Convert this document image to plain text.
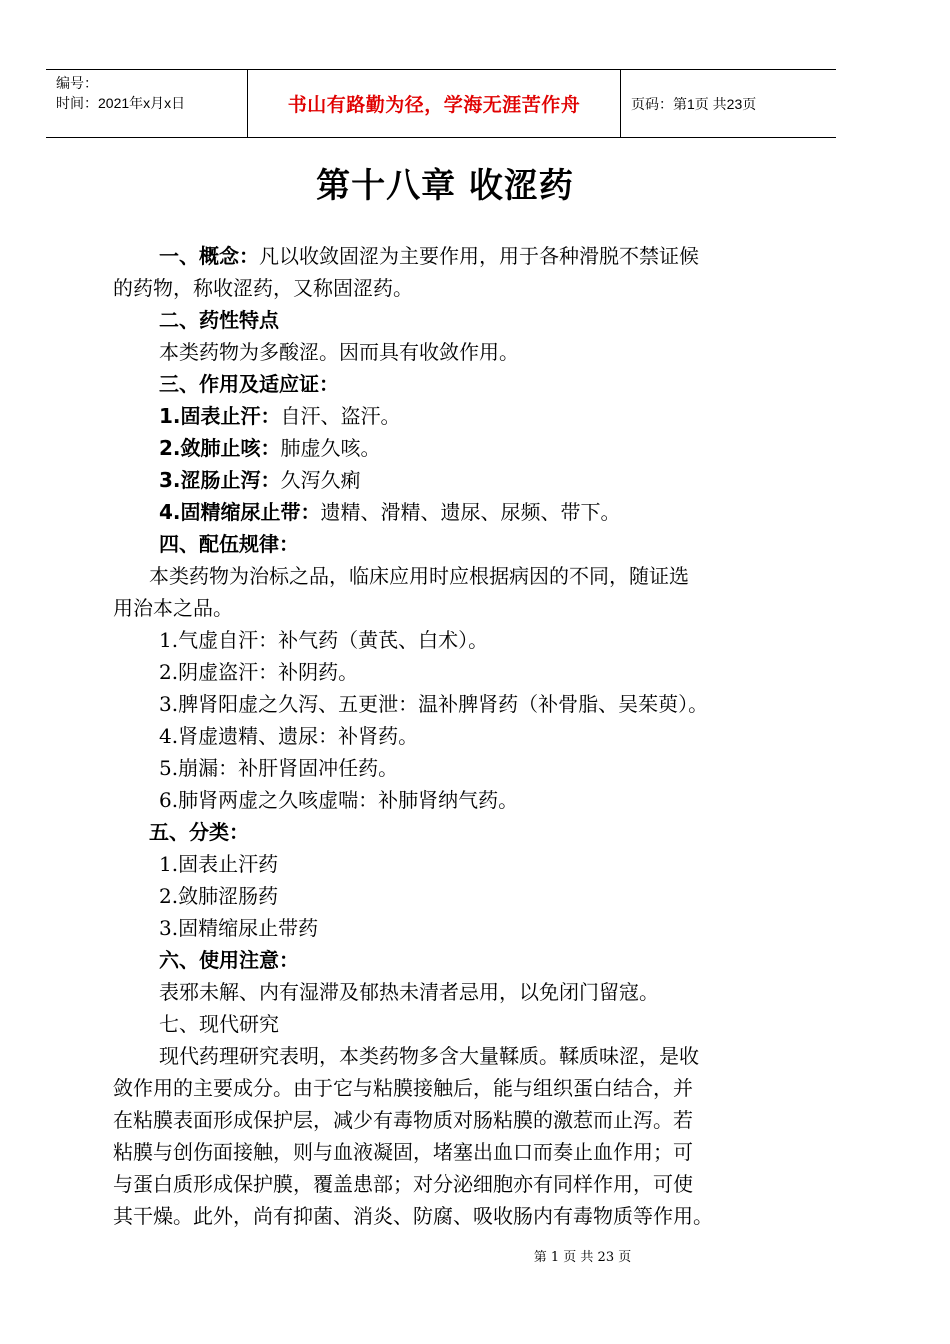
编号：
时间：2021年x月x日	书山有路勤为径，学海无涯苦作舟	页码：第1页 共23页
第十八章 收涩药

一、概念：凡以收敛固涩为主要作用，用于各种滑脱不禁证候

的药物，称收涩药，又称固涩药。

二、药性特点

本类药物为多酸涩。因而具有收敛作用。

三、作用及适应证：

1.固表止汗：自汗、盗汗。

2.敛肺止咳：肺虚久咳。

3.涩肠止泻：久泻久痢

4.固精缩尿止带：遗精、滑精、遗尿、尿频、带下。

四、配伍规律：

本类药物为治标之品，临床应用时应根据病因的不同，随证选

用治本之品。

1.气虚自汗：补气药（黄芪、白术）。

2.阴虚盗汗：补阴药。

3.脾肾阳虚之久泻、五更泄：温补脾肾药（补骨脂、吴茱萸）。

4.肾虚遗精、遗尿：补肾药。

5.崩漏：补肝肾固冲任药。

6.肺肾两虚之久咳虚喘：补肺肾纳气药。

五、分类：

1.固表止汗药

2.敛肺涩肠药

3.固精缩尿止带药

六、使用注意：

表邪未解、内有湿滞及郁热未清者忌用，以免闭门留寇。

七、现代研究

现代药理研究表明，本类药物多含大量鞣质。鞣质味涩，是收

敛作用的主要成分。由于它与粘膜接触后，能与组织蛋白结合，并

在粘膜表面形成保护层，减少有毒物质对肠粘膜的激惹而止泻。若

粘膜与创伤面接触，则与血液凝固，堵塞出血口而奏止血作用；可

与蛋白质形成保护膜，覆盖患部；对分泌细胞亦有同样作用，可使

其干燥。此外，尚有抑菌、消炎、防腐、吸收肠内有毒物质等作用。

第 1 页 共 23 页
